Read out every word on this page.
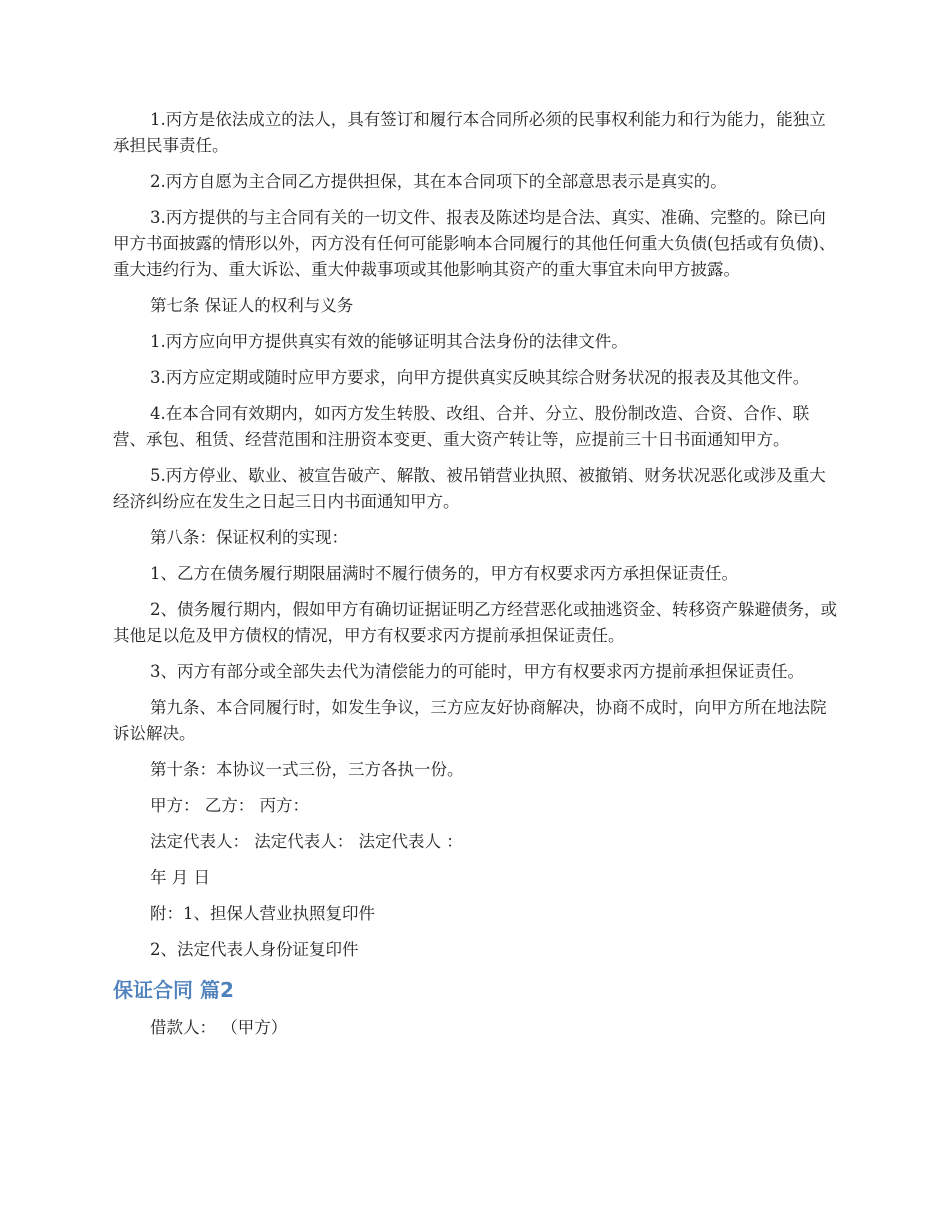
1.丙方是依法成立的法人，具有签订和履行本合同所必须的民事权利能力和行为能力，能独立承担民事责任。

2.丙方自愿为主合同乙方提供担保，其在本合同项下的全部意思表示是真实的。

3.丙方提供的与主合同有关的一切文件、报表及陈述均是合法、真实、准确、完整的。除已向甲方书面披露的情形以外，丙方没有任何可能影响本合同履行的其他任何重大负债(包括或有负债)、重大违约行为、重大诉讼、重大仲裁事项或其他影响其资产的重大事宜未向甲方披露。

第七条 保证人的权利与义务

1.丙方应向甲方提供真实有效的能够证明其合法身份的法律文件。

3.丙方应定期或随时应甲方要求，向甲方提供真实反映其综合财务状况的报表及其他文件。

4.在本合同有效期内，如丙方发生转股、改组、合并、分立、股份制改造、合资、合作、联营、承包、租赁、经营范围和注册资本变更、重大资产转让等，应提前三十日书面通知甲方。

5.丙方停业、歇业、被宣告破产、解散、被吊销营业执照、被撤销、财务状况恶化或涉及重大经济纠纷应在发生之日起三日内书面通知甲方。

第八条：保证权利的实现：

1、乙方在债务履行期限届满时不履行债务的，甲方有权要求丙方承担保证责任。

2、债务履行期内，假如甲方有确切证据证明乙方经营恶化或抽逃资金、转移资产躲避债务，或其他足以危及甲方债权的情况，甲方有权要求丙方提前承担保证责任。

3、丙方有部分或全部失去代为清偿能力的可能时，甲方有权要求丙方提前承担保证责任。

第九条、本合同履行时，如发生争议，三方应友好协商解决，协商不成时，向甲方所在地法院诉讼解决。

第十条：本协议一式三份，三方各执一份。

甲方： 乙方： 丙方：

法定代表人： 法定代表人： 法定代表人 ：

年 月 日

附：1、担保人营业执照复印件

2、法定代表人身份证复印件

保证合同 篇2

借款人： （甲方）
